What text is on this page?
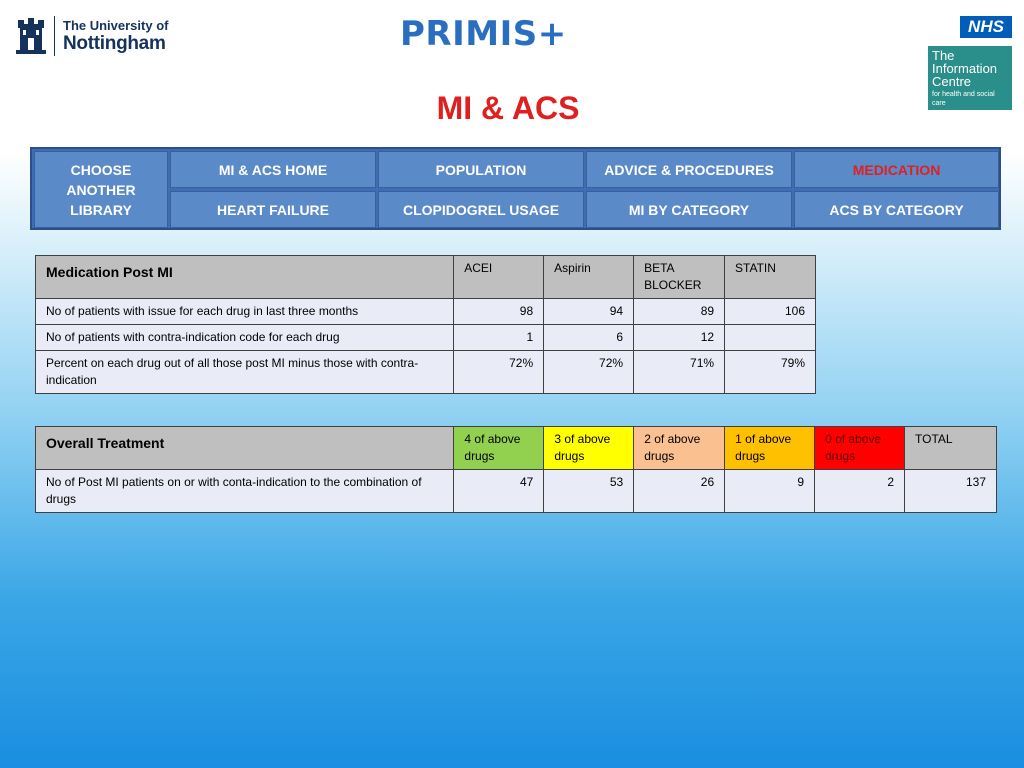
The University of
Nottingham	PRIMIS+	NHS
The
Information
Centre
for health and social care
MI & ACS
CHOOSE ANOTHER LIBRARY
MI & ACS HOME	POPULATION	ADVICE & PROCEDURES	MEDICATION
HEART FAILURE	CLOPIDOGREL USAGE	MI BY CATEGORY	ACS BY CATEGORY
Medication Post MI	ACEI	Aspirin	BETA BLOCKER	STATIN
No of patients with issue for each drug in last three months	98	94	89	106
No of patients with contra-indication code for each drug	1	6	12	
Percent on each drug out of all those post MI minus those with contra-indication	72%	72%	71%	79%
Overall Treatment	4 of above drugs	3 of above drugs	2 of above drugs	1 of above drugs	0 of above drugs	TOTAL
No of Post MI patients on or with conta-indication to the combination of drugs	47	53	26	9	2	137
